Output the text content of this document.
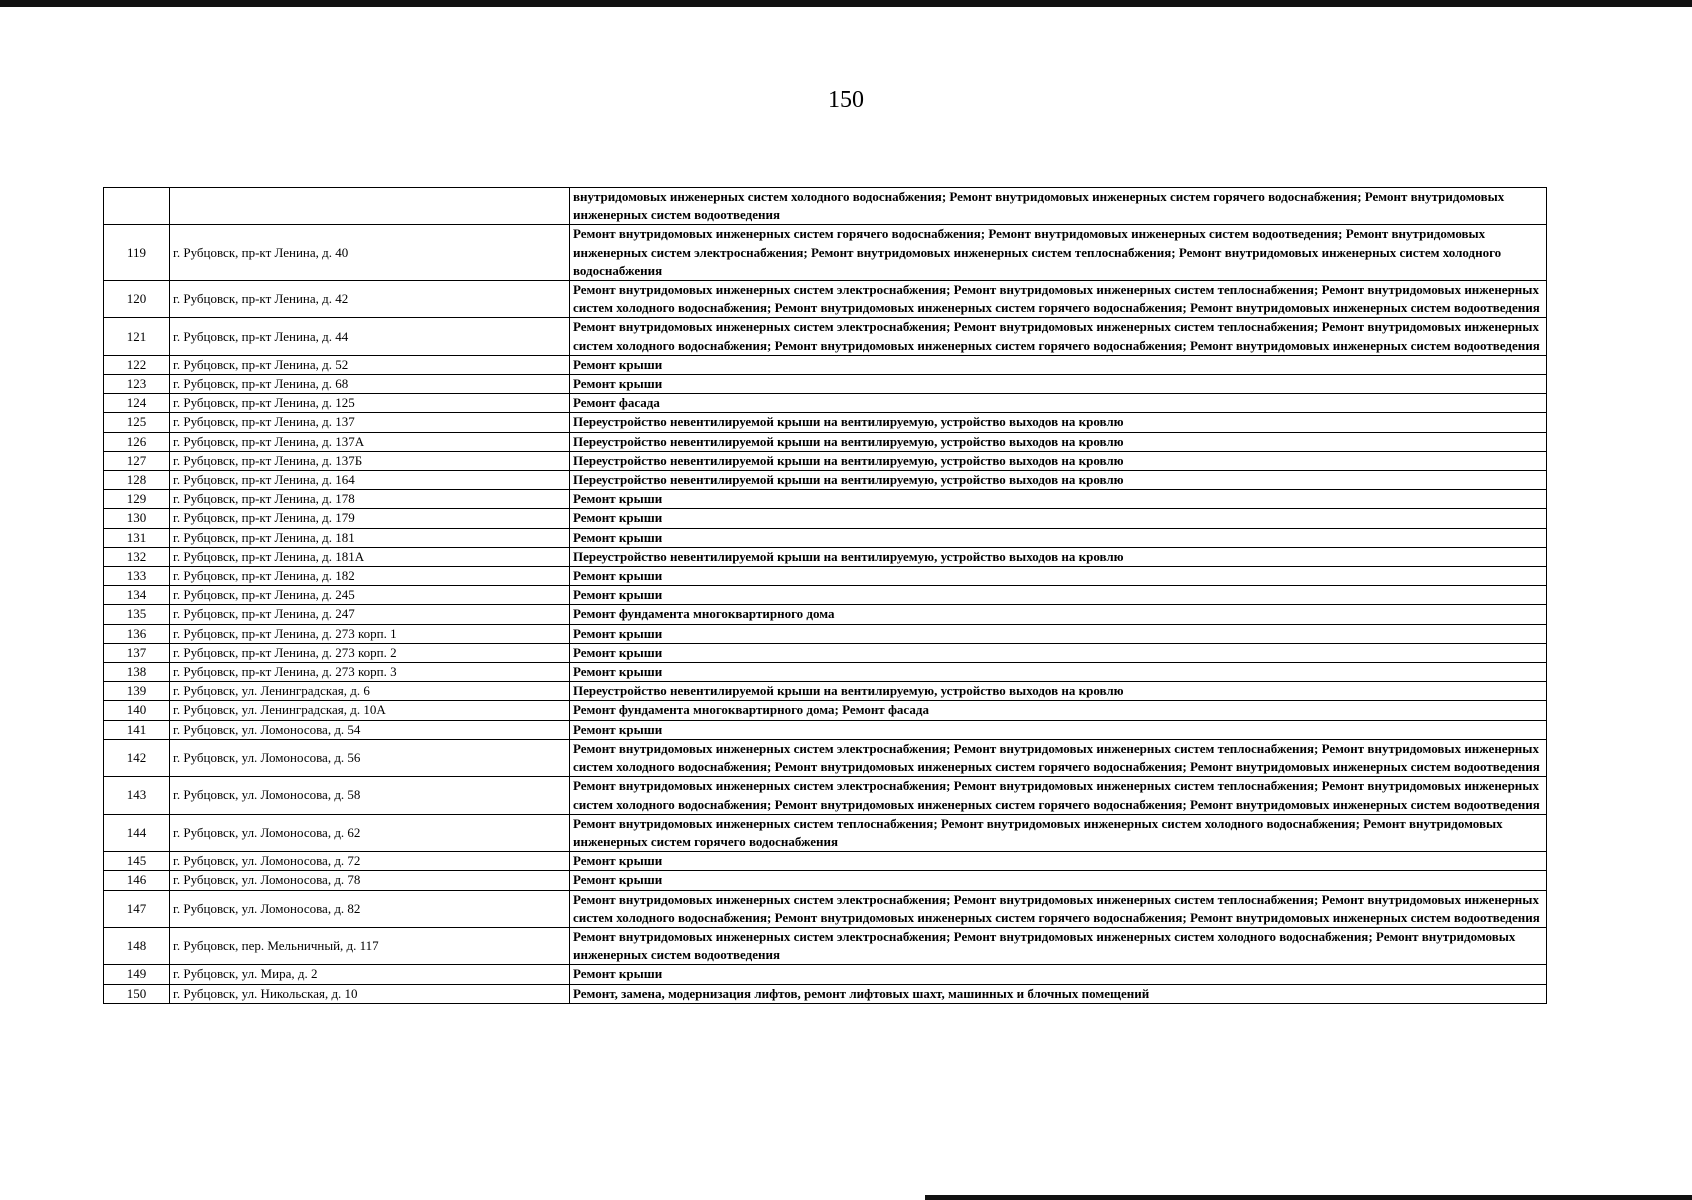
150
		внутридомовых инженерных систем холодного водоснабжения; Ремонт внутридомовых инженерных систем горячего водоснабжения; Ремонт внутридомовых инженерных систем водоотведения
119	г. Рубцовск, пр-кт Ленина, д. 40	Ремонт внутридомовых инженерных систем горячего водоснабжения; Ремонт внутридомовых инженерных систем водоотведения; Ремонт внутридомовых инженерных систем электроснабжения; Ремонт внутридомовых инженерных систем теплоснабжения; Ремонт внутридомовых инженерных систем холодного водоснабжения
120	г. Рубцовск, пр-кт Ленина, д. 42	Ремонт внутридомовых инженерных систем электроснабжения; Ремонт внутридомовых инженерных систем теплоснабжения; Ремонт внутридомовых инженерных систем холодного водоснабжения; Ремонт внутридомовых инженерных систем горячего водоснабжения; Ремонт внутридомовых инженерных систем водоотведения
121	г. Рубцовск, пр-кт Ленина, д. 44	Ремонт внутридомовых инженерных систем электроснабжения; Ремонт внутридомовых инженерных систем теплоснабжения; Ремонт внутридомовых инженерных систем холодного водоснабжения; Ремонт внутридомовых инженерных систем горячего водоснабжения; Ремонт внутридомовых инженерных систем водоотведения
122	г. Рубцовск, пр-кт Ленина, д. 52	Ремонт крыши
123	г. Рубцовск, пр-кт Ленина, д. 68	Ремонт крыши
124	г. Рубцовск, пр-кт Ленина, д. 125	Ремонт фасада
125	г. Рубцовск, пр-кт Ленина, д. 137	Переустройство невентилируемой крыши на вентилируемую, устройство выходов на кровлю
126	г. Рубцовск, пр-кт Ленина, д. 137А	Переустройство невентилируемой крыши на вентилируемую, устройство выходов на кровлю
127	г. Рубцовск, пр-кт Ленина, д. 137Б	Переустройство невентилируемой крыши на вентилируемую, устройство выходов на кровлю
128	г. Рубцовск, пр-кт Ленина, д. 164	Переустройство невентилируемой крыши на вентилируемую, устройство выходов на кровлю
129	г. Рубцовск, пр-кт Ленина, д. 178	Ремонт крыши
130	г. Рубцовск, пр-кт Ленина, д. 179	Ремонт крыши
131	г. Рубцовск, пр-кт Ленина, д. 181	Ремонт крыши
132	г. Рубцовск, пр-кт Ленина, д. 181А	Переустройство невентилируемой крыши на вентилируемую, устройство выходов на кровлю
133	г. Рубцовск, пр-кт Ленина, д. 182	Ремонт крыши
134	г. Рубцовск, пр-кт Ленина, д. 245	Ремонт крыши
135	г. Рубцовск, пр-кт Ленина, д. 247	Ремонт фундамента многоквартирного дома
136	г. Рубцовск, пр-кт Ленина, д. 273 корп. 1	Ремонт крыши
137	г. Рубцовск, пр-кт Ленина, д. 273 корп. 2	Ремонт крыши
138	г. Рубцовск, пр-кт Ленина, д. 273 корп. 3	Ремонт крыши
139	г. Рубцовск, ул. Ленинградская, д. 6	Переустройство невентилируемой крыши на вентилируемую, устройство выходов на кровлю
140	г. Рубцовск, ул. Ленинградская, д. 10А	Ремонт фундамента многоквартирного дома; Ремонт фасада
141	г. Рубцовск, ул. Ломоносова, д. 54	Ремонт крыши
142	г. Рубцовск, ул. Ломоносова, д. 56	Ремонт внутридомовых инженерных систем электроснабжения; Ремонт внутридомовых инженерных систем теплоснабжения; Ремонт внутридомовых инженерных систем холодного водоснабжения; Ремонт внутридомовых инженерных систем горячего водоснабжения; Ремонт внутридомовых инженерных систем водоотведения
143	г. Рубцовск, ул. Ломоносова, д. 58	Ремонт внутридомовых инженерных систем электроснабжения; Ремонт внутридомовых инженерных систем теплоснабжения; Ремонт внутридомовых инженерных систем холодного водоснабжения; Ремонт внутридомовых инженерных систем горячего водоснабжения; Ремонт внутридомовых инженерных систем водоотведения
144	г. Рубцовск, ул. Ломоносова, д. 62	Ремонт внутридомовых инженерных систем теплоснабжения; Ремонт внутридомовых инженерных систем холодного водоснабжения; Ремонт внутридомовых инженерных систем горячего водоснабжения
145	г. Рубцовск, ул. Ломоносова, д. 72	Ремонт крыши
146	г. Рубцовск, ул. Ломоносова, д. 78	Ремонт крыши
147	г. Рубцовск, ул. Ломоносова, д. 82	Ремонт внутридомовых инженерных систем электроснабжения; Ремонт внутридомовых инженерных систем теплоснабжения; Ремонт внутридомовых инженерных систем холодного водоснабжения; Ремонт внутридомовых инженерных систем горячего водоснабжения; Ремонт внутридомовых инженерных систем водоотведения
148	г. Рубцовск, пер. Мельничный, д. 117	Ремонт внутридомовых инженерных систем электроснабжения; Ремонт внутридомовых инженерных систем холодного водоснабжения; Ремонт внутридомовых инженерных систем водоотведения
149	г. Рубцовск, ул. Мира, д. 2	Ремонт крыши
150	г. Рубцовск, ул. Никольская, д. 10	Ремонт, замена, модернизация лифтов, ремонт лифтовых шахт, машинных и блочных помещений
